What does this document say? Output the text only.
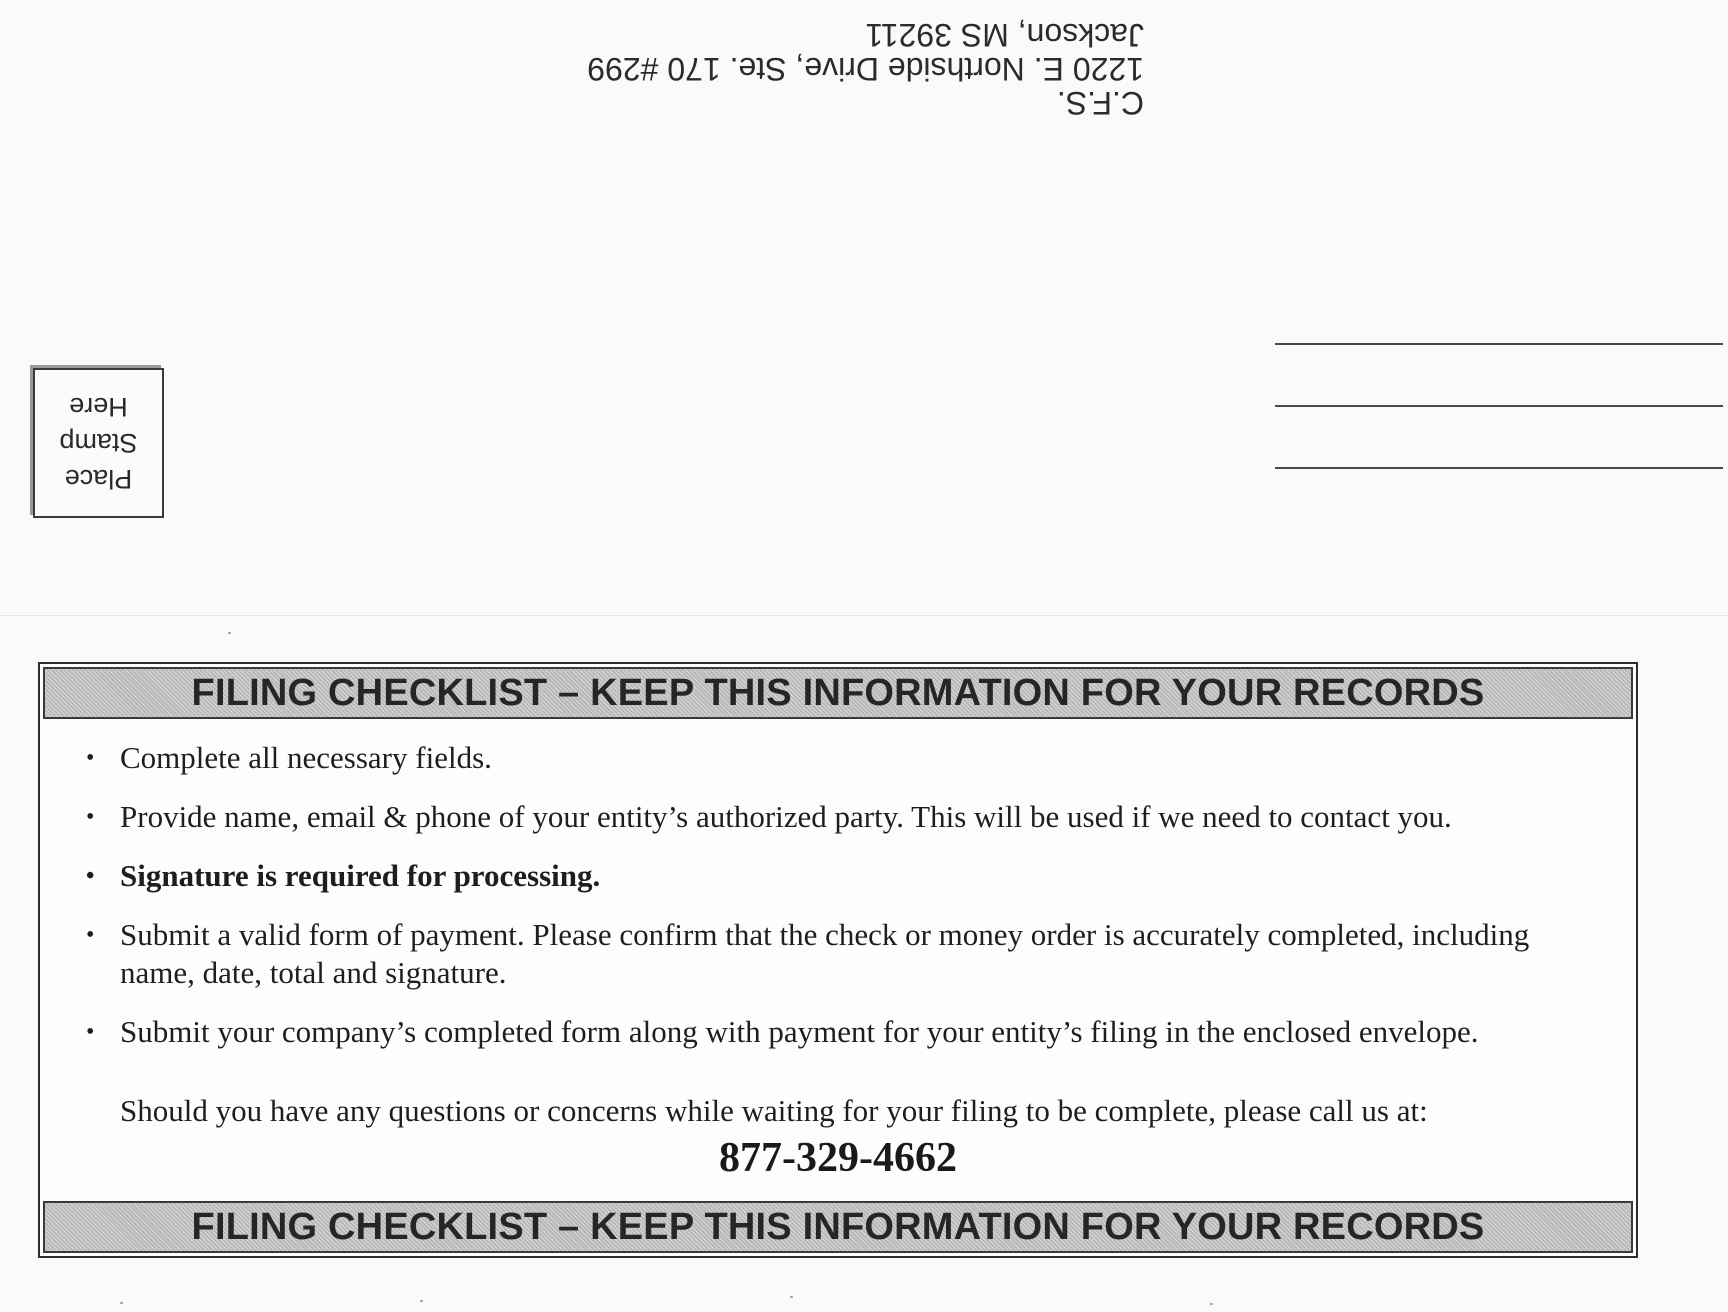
C.F.S.
1220 E. Northside Drive, Ste. 170 #299
Jackson, MS 39211
Place
Stamp
Here
FILING CHECKLIST – KEEP THIS INFORMATION FOR YOUR RECORDS
• Complete all necessary fields.
• Provide name, email & phone of your entity’s authorized party. This will be used if we need to contact you.
• Signature is required for processing.
• Submit a valid form of payment. Please confirm that the check or money order is accurately completed, including name, date, total and signature.
• Submit your company’s completed form along with payment for your entity’s filing in the enclosed envelope.
Should you have any questions or concerns while waiting for your filing to be complete, please call us at:
877-329-4662
FILING CHECKLIST – KEEP THIS INFORMATION FOR YOUR RECORDS
